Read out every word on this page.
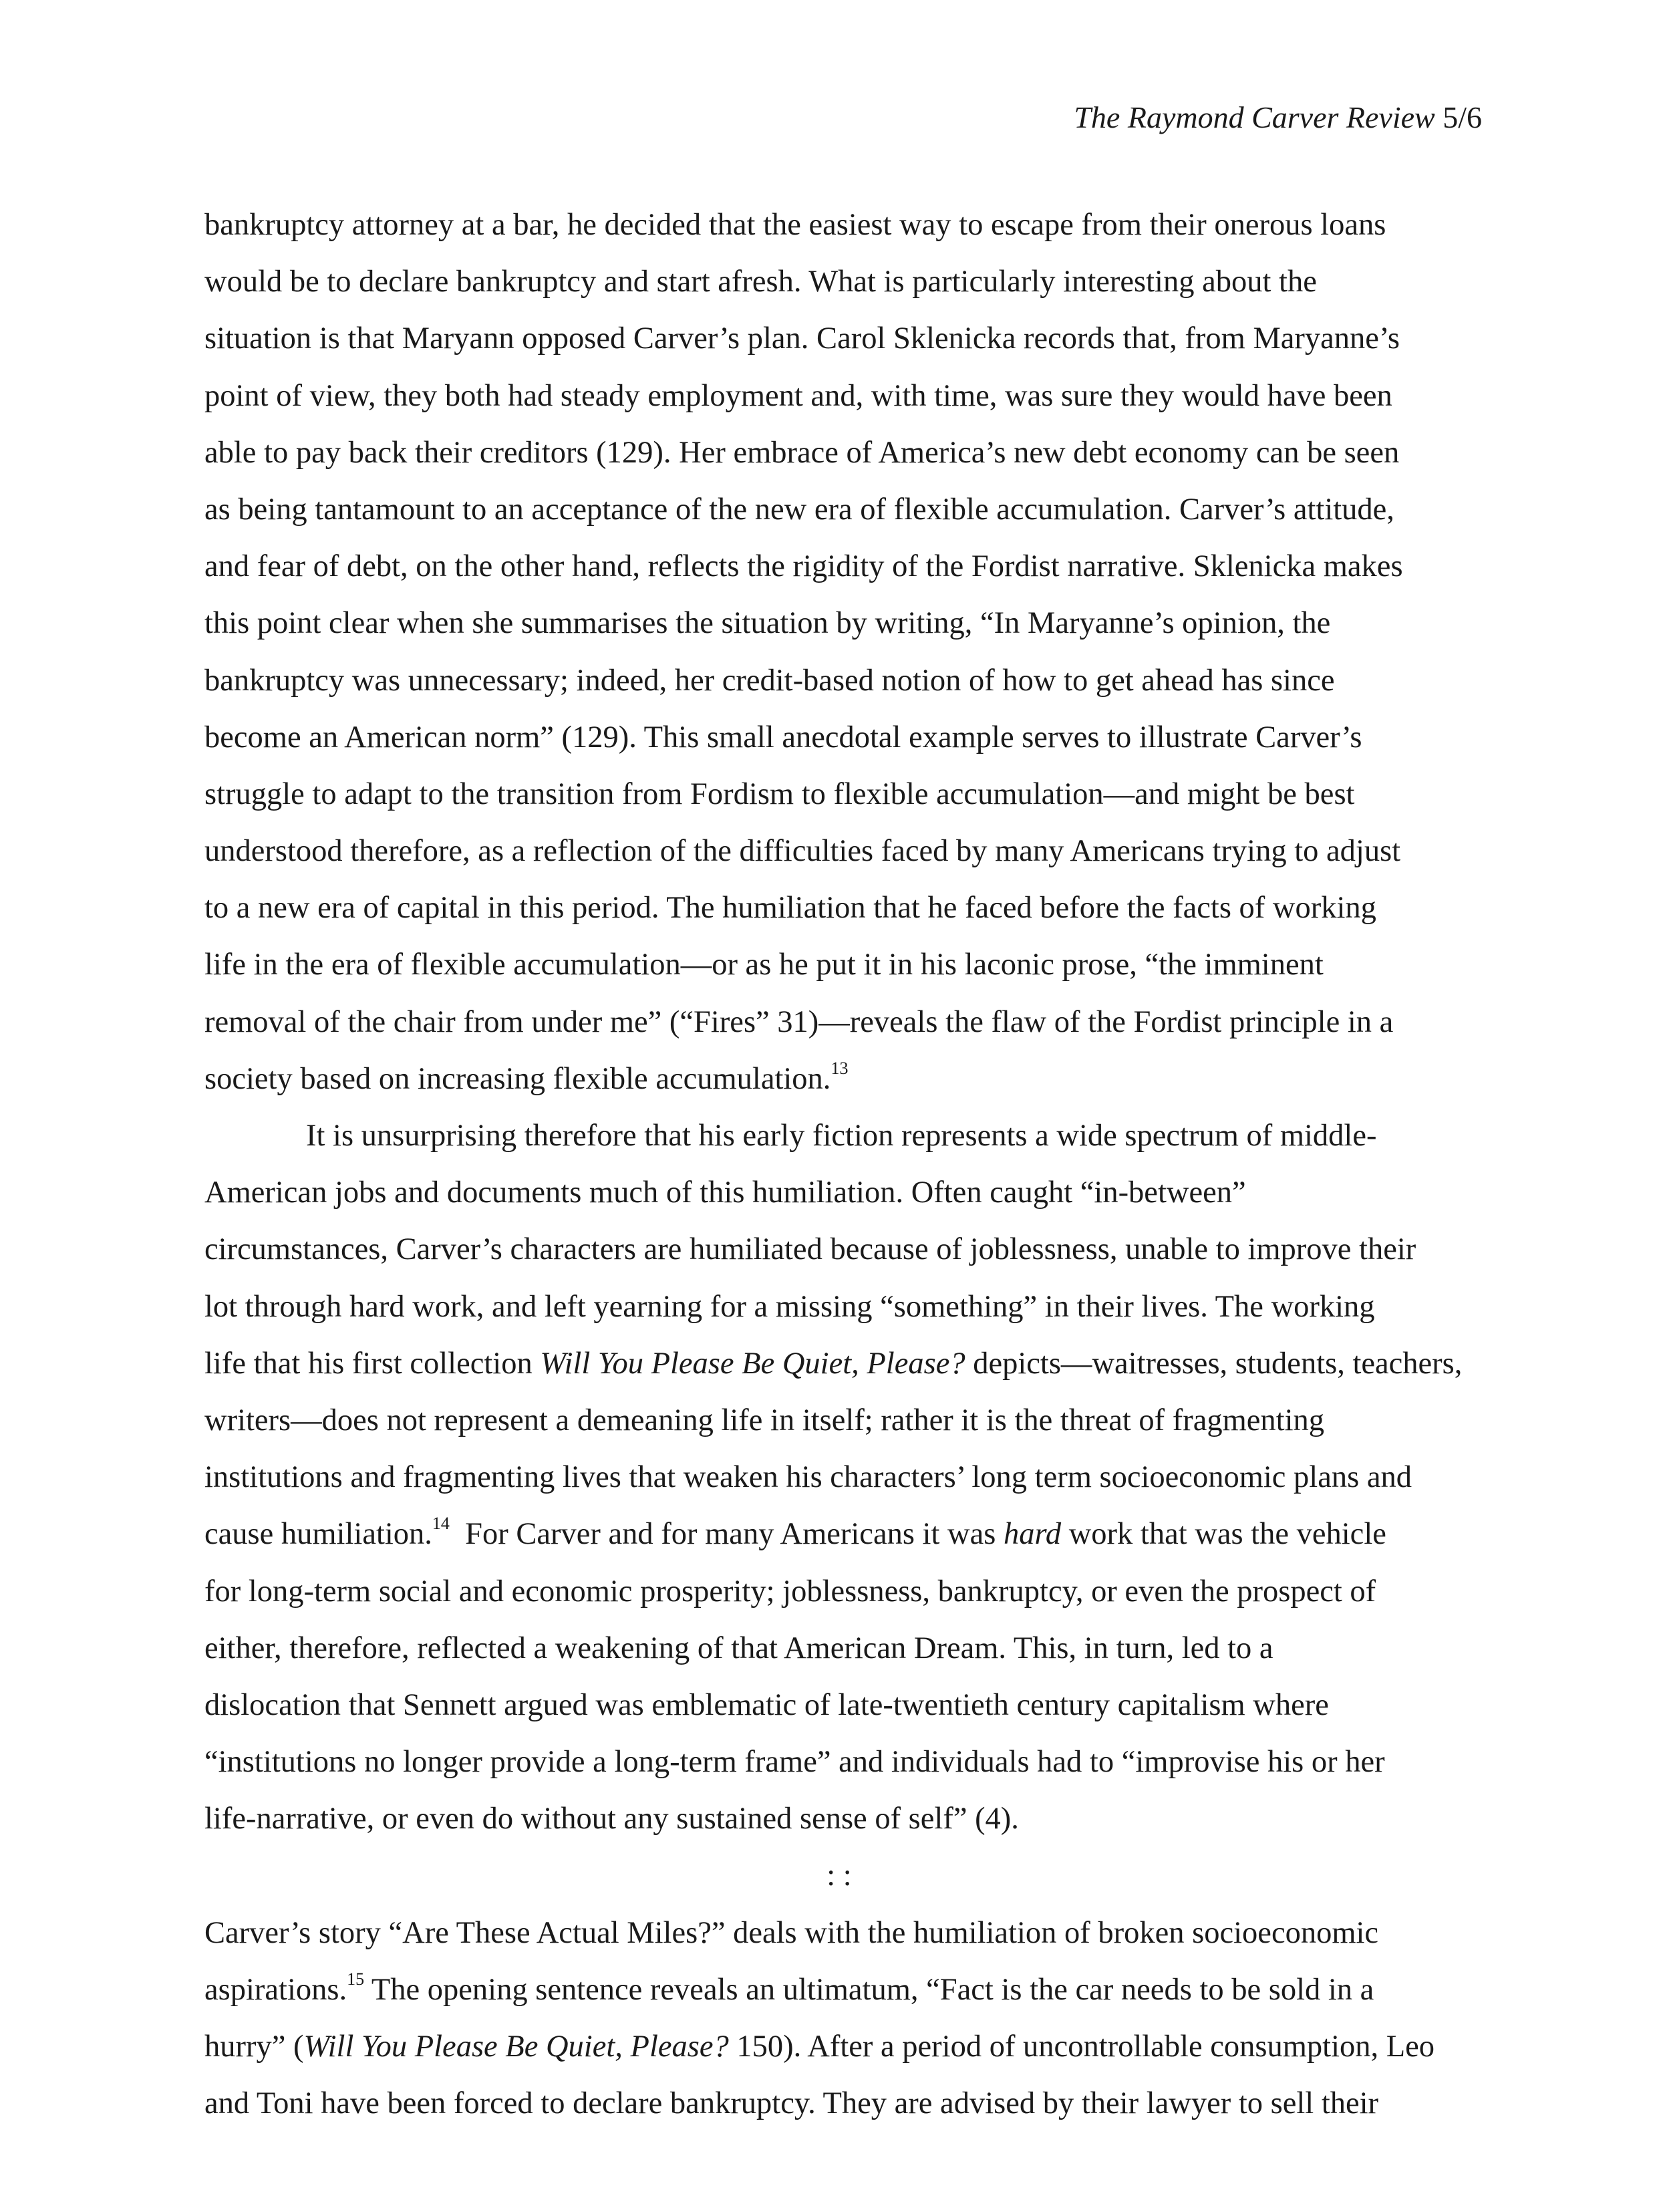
The Raymond Carver Review 5/6
bankruptcy attorney at a bar, he decided that the easiest way to escape from their onerous loans
would be to declare bankruptcy and start afresh. What is particularly interesting about the
situation is that Maryann opposed Carver’s plan. Carol Sklenicka records that, from Maryanne’s
point of view, they both had steady employment and, with time, was sure they would have been
able to pay back their creditors (129). Her embrace of America’s new debt economy can be seen
as being tantamount to an acceptance of the new era of flexible accumulation. Carver’s attitude,
and fear of debt, on the other hand, reflects the rigidity of the Fordist narrative. Sklenicka makes
this point clear when she summarises the situation by writing, “In Maryanne’s opinion, the
bankruptcy was unnecessary; indeed, her credit-based notion of how to get ahead has since
become an American norm” (129). This small anecdotal example serves to illustrate Carver’s
struggle to adapt to the transition from Fordism to flexible accumulation—and might be best
understood therefore, as a reflection of the difficulties faced by many Americans trying to adjust
to a new era of capital in this period. The humiliation that he faced before the facts of working
life in the era of flexible accumulation—or as he put it in his laconic prose, “the imminent
removal of the chair from under me” (“Fires” 31)—reveals the flaw of the Fordist principle in a
society based on increasing flexible accumulation.$^{13}$
It is unsurprising therefore that his early fiction represents a wide spectrum of middle-
American jobs and documents much of this humiliation. Often caught “in-between”
circumstances, Carver’s characters are humiliated because of joblessness, unable to improve their
lot through hard work, and left yearning for a missing “something” in their lives. The working
life that his first collection Will You Please Be Quiet, Please? depicts—waitresses, students, teachers,
writers—does not represent a demeaning life in itself; rather it is the threat of fragmenting
institutions and fragmenting lives that weaken his characters’ long term socioeconomic plans and
cause humiliation.$^{14}$  For Carver and for many Americans it was hard work that was the vehicle
for long-term social and economic prosperity; joblessness, bankruptcy, or even the prospect of
either, therefore, reflected a weakening of that American Dream. This, in turn, led to a
dislocation that Sennett argued was emblematic of late-twentieth century capitalism where
“institutions no longer provide a long-term frame” and individuals had to “improvise his or her
life-narrative, or even do without any sustained sense of self” (4).
: :
Carver’s story “Are These Actual Miles?” deals with the humiliation of broken socioeconomic
aspirations.$^{15}$ The opening sentence reveals an ultimatum, “Fact is the car needs to be sold in a
hurry” (Will You Please Be Quiet, Please? 150). After a period of uncontrollable consumption, Leo
and Toni have been forced to declare bankruptcy. They are advised by their lawyer to sell their
